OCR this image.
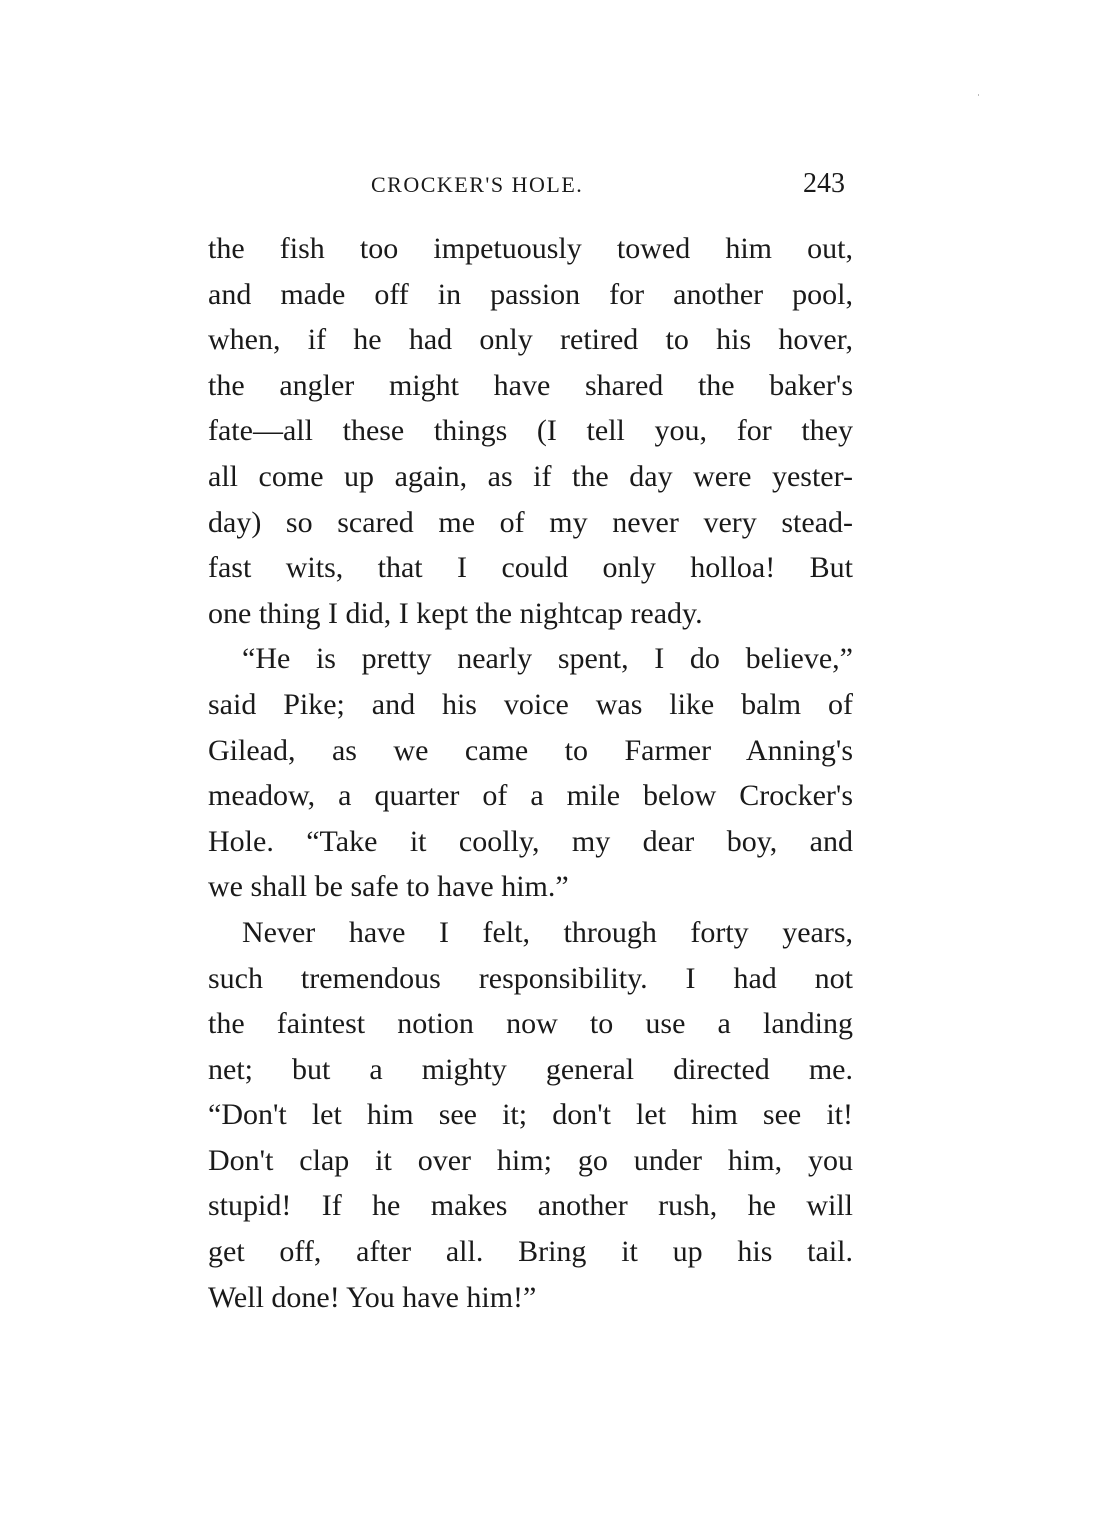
CROCKER'S HOLE.	243
the fish too impetuously towed him out,
and made off in passion for another pool,
when, if he had only retired to his hover,
the angler might have shared the baker's
fate—all these things (I tell you, for they
all come up again, as if the day were yester-
day) so scared me of my never very stead-
fast wits, that I could only holloa! But
one thing I did, I kept the nightcap ready.
“He is pretty nearly spent, I do believe,”
said Pike; and his voice was like balm of
Gilead, as we came to Farmer Anning's
meadow, a quarter of a mile below Crocker's
Hole. “Take it coolly, my dear boy, and
we shall be safe to have him.”
Never have I felt, through forty years,
such tremendous responsibility. I had not
the faintest notion now to use a landing
net; but a mighty general directed me.
“Don't let him see it; don't let him see it!
Don't clap it over him; go under him, you
stupid! If he makes another rush, he will
get off, after all. Bring it up his tail.
Well done! You have him!”
